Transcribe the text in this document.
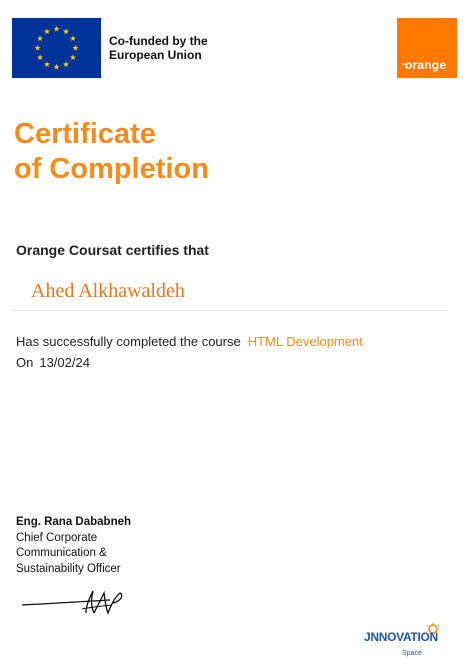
Co-funded by the European Union
orange
™
Certificate
of Completion
Orange Coursat certifies that
Ahed Alkhawaldeh
Has successfully completed the course HTML Development
On 13/02/24
Eng. Rana Dababneh
Chief Corporate Communication & Sustainability Officer
JNNOVATION
Space
